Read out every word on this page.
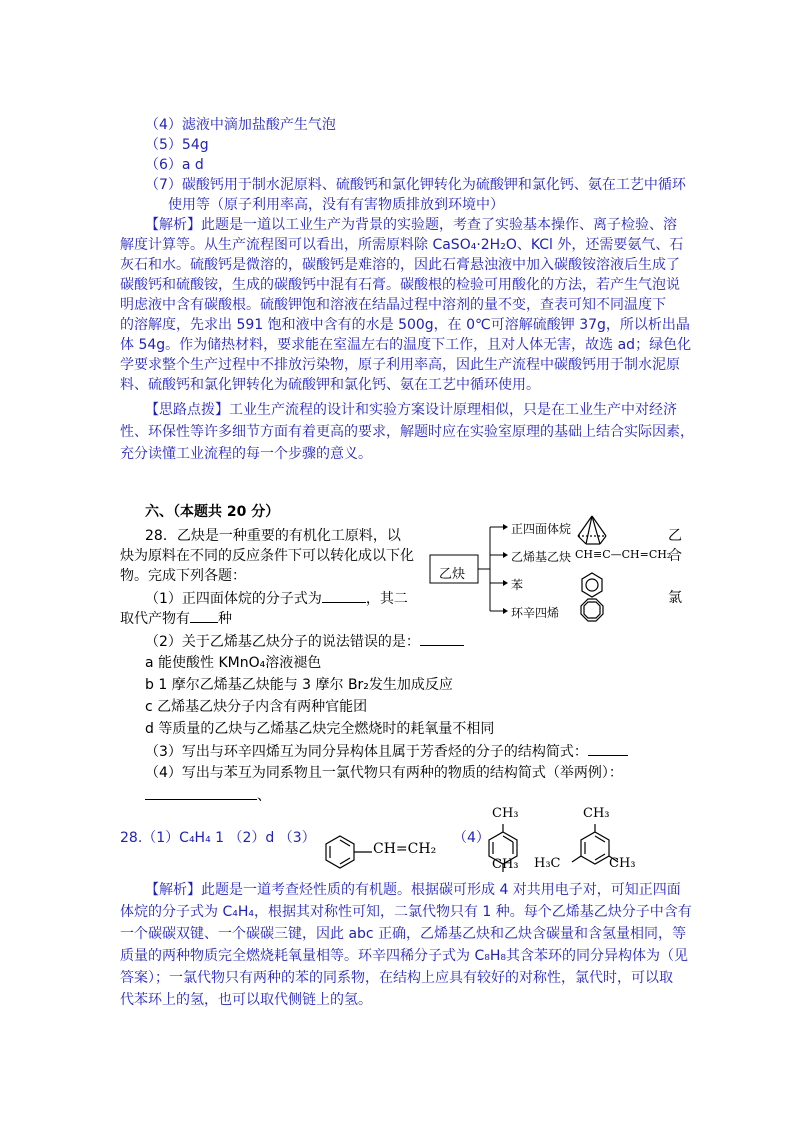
（4）滤液中滴加盐酸产生气泡
（5）54g
（6）a d
（7）碳酸钙用于制水泥原料、硫酸钙和氯化钾转化为硫酸钾和氯化钙、氨在工艺中循环
使用等（原子利用率高，没有有害物质排放到环境中）
【解析】此题是一道以工业生产为背景的实验题，考查了实验基本操作、离子检验、溶
解度计算等。从生产流程图可以看出，所需原料除 CaSO₄·2H₂O、KCl 外，还需要氨气、石
灰石和水。硫酸钙是微溶的，碳酸钙是难溶的，因此石膏悬浊液中加入碳酸铵溶液后生成了
碳酸钙和硫酸铵，生成的碳酸钙中混有石膏。碳酸根的检验可用酸化的方法，若产生气泡说
明虑液中含有碳酸根。硫酸钾饱和溶液在结晶过程中溶剂的量不变，查表可知不同温度下
的溶解度，先求出 591 饱和液中含有的水是 500g，在 0℃可溶解硫酸钾 37g，所以析出晶
体 54g。作为储热材料，要求能在室温左右的温度下工作，且对人体无害，故选 ad；绿色化
学要求整个生产过程中不排放污染物，原子利用率高，因此生产流程中碳酸钙用于制水泥原
料、硫酸钙和氯化钾转化为硫酸钾和氯化钙、氨在工艺中循环使用。
【思路点拨】工业生产流程的设计和实验方案设计原理相似，只是在工业生产中对经济
性、环保性等许多细节方面有着更高的要求，解题时应在实验室原理的基础上结合实际因素，
充分读懂工业流程的每一个步骤的意义。
六、（本题共 20 分）
28．乙炔是一种重要的有机化工原料，以
炔为原料在不同的反应条件下可以转化成以下化
物。完成下列各题：
乙
合
氯
（1）正四面体烷的分子式为	，其二
取代产物有 种
（2）关于乙烯基乙炔分子的说法错误的是：
a 能使酸性 KMnO₄溶液褪色
b 1 摩尔乙烯基乙炔能与 3 摩尔 Br₂发生加成反应
c 乙烯基乙炔分子内含有两种官能团
d 等质量的乙炔与乙烯基乙炔完全燃烧时的耗氧量不相同
（3）写出与环辛四烯互为同分异构体且属于芳香烃的分子的结构简式：
（4）写出与苯互为同系物且一氯代物只有两种的物质的结构简式（举两例）：
、
乙炔
正四面体烷
乙烯基乙炔
苯
环辛四烯
CH≡C—CH=CH₂
28.（1）C₄H₄ 1 （2）d （3）	（4）
CH=CH₂
CH₃
CH₃
CH₃
H₃C	CH₃
【解析】此题是一道考查烃性质的有机题。根据碳可形成 4 对共用电子对，可知正四面
体烷的分子式为 C₄H₄，根据其对称性可知，二氯代物只有 1 种。每个乙烯基乙炔分子中含有
一个碳碳双键、一个碳碳三键，因此 abc 正确，乙烯基乙炔和乙炔含碳量和含氢量相同，等
质量的两种物质完全燃烧耗氧量相等。环辛四稀分子式为 C₈H₈其含苯环的同分异构体为（见
答案）；一氯代物只有两种的苯的同系物，在结构上应具有较好的对称性，氯代时，可以取
代苯环上的氢，也可以取代侧链上的氢。
